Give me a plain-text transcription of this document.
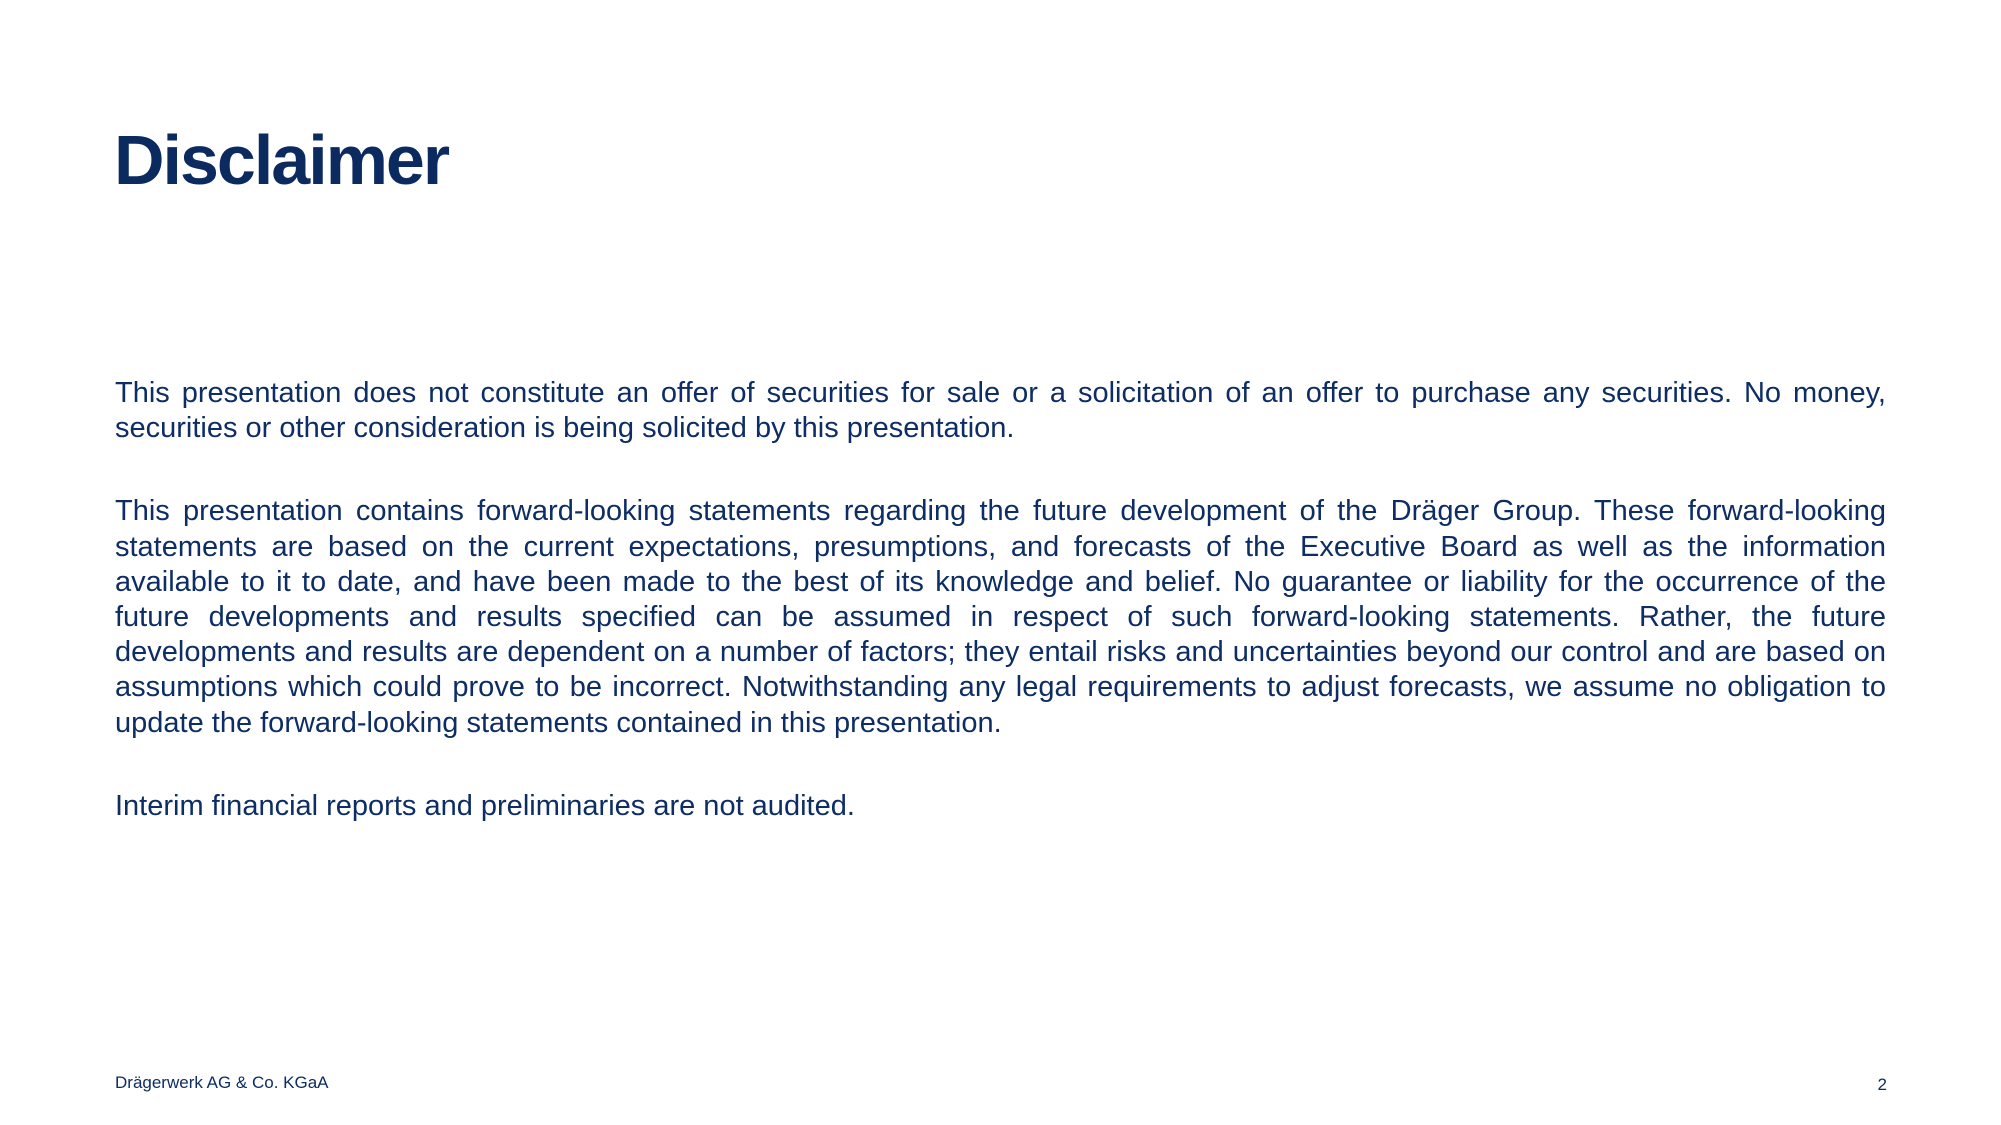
Disclaimer

This presentation does not constitute an offer of securities for sale or a solicitation of an offer to purchase any securities. No money, securities or other consideration is being solicited by this presentation.

This presentation contains forward-looking statements regarding the future development of the Dräger Group. These forward-looking statements are based on the current expectations, presumptions, and forecasts of the Executive Board as well as the information available to it to date, and have been made to the best of its knowledge and belief. No guarantee or liability for the occurrence of the future developments and results specified can be assumed in respect of such forward-looking statements. Rather, the future developments and results are dependent on a number of factors; they entail risks and uncertainties beyond our control and are based on assumptions which could prove to be incorrect. Notwithstanding any legal requirements to adjust forecasts, we assume no obligation to update the forward-looking statements contained in this presentation.

Interim financial reports and preliminaries are not audited.

Drägerwerk AG & Co. KGaA	2
